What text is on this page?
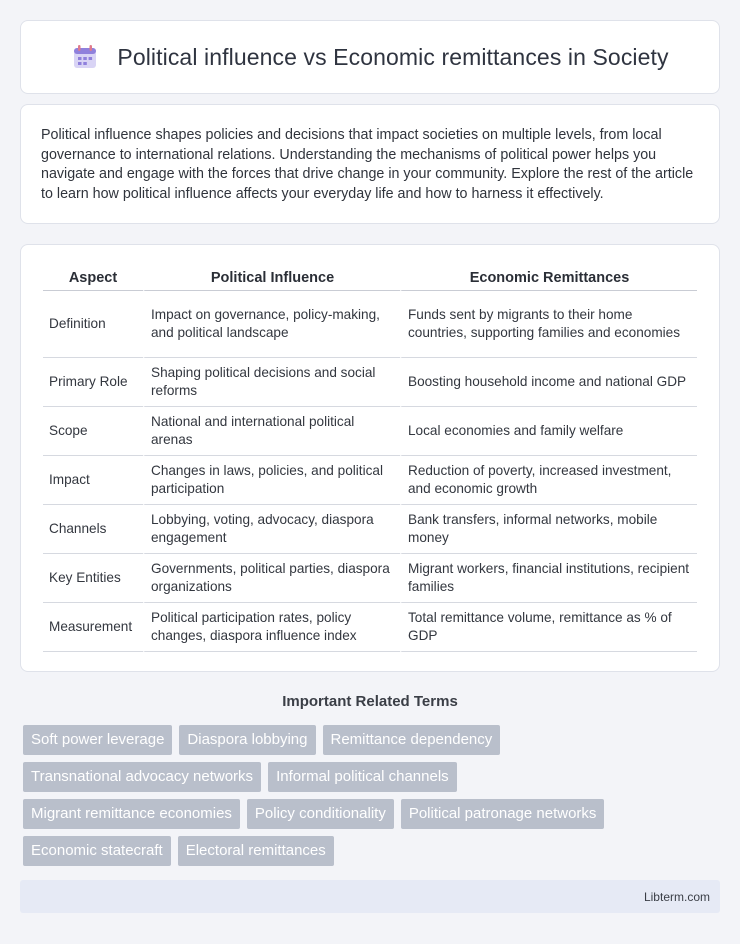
Political influence vs Economic remittances in Society

Political influence shapes policies and decisions that impact societies on multiple levels, from local governance to international relations. Understanding the mechanisms of political power helps you navigate and engage with the forces that drive change in your community. Explore the rest of the article to learn how political influence affects your everyday life and how to harness it effectively.

Aspect	Political Influence	Economic Remittances
Definition	Impact on governance, policy-making, and political landscape	Funds sent by migrants to their home countries, supporting families and economies
Primary Role	Shaping political decisions and social reforms	Boosting household income and national GDP
Scope	National and international political arenas	Local economies and family welfare
Impact	Changes in laws, policies, and political participation	Reduction of poverty, increased investment, and economic growth
Channels	Lobbying, voting, advocacy, diaspora engagement	Bank transfers, informal networks, mobile money
Key Entities	Governments, political parties, diaspora organizations	Migrant workers, financial institutions, recipient families
Measurement	Political participation rates, policy changes, diaspora influence index	Total remittance volume, remittance as % of GDP
Important Related Terms
Soft power leverage	Diaspora lobbying	Remittance dependency
Transnational advocacy networks	Informal political channels
Migrant remittance economies	Policy conditionality	Political patronage networks
Economic statecraft	Electoral remittances
Libterm.com
